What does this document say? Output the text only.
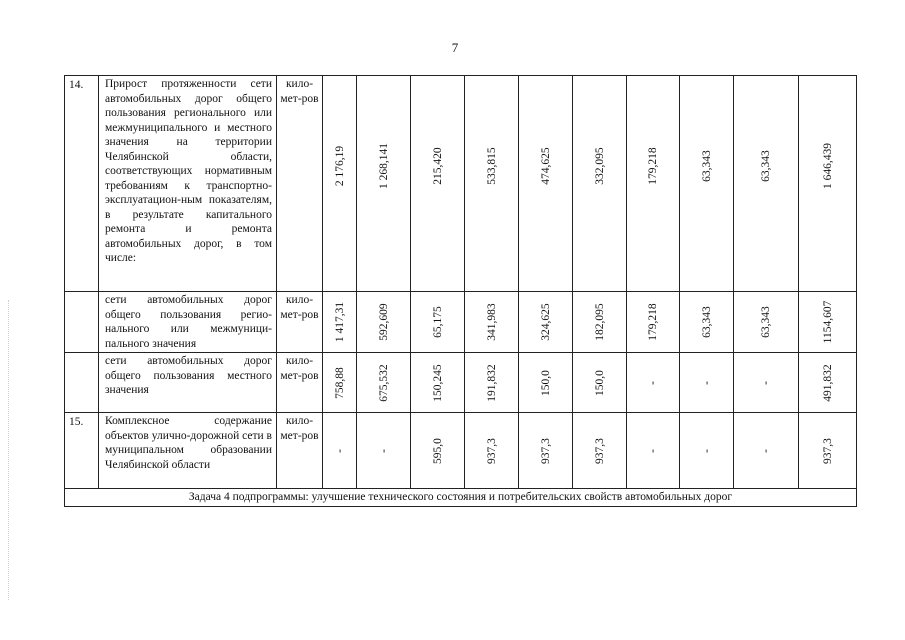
7
14.	Прирост протяженности сети автомобильных дорог общего пользования регионального или межмуниципального и местного значения на территории Челябинской области, соответствующих нормативным требованиям к транспортно-эксплуатацион-ным показателям, в результате капитального ремонта и ремонта автомобильных дорог, в том числе:	кило-мет-ров	2 176,19	1 268,141	215,420	533,815	474,625	332,095	179,218	63,343	63,343	1 646,439

	сети автомобильных дорог общего пользования регио-нального или межмуници-пального значения	кило-мет-ров	1 417,31	592,609	65,175	341,983	324,625	182,095	179,218	63,343	63,343	1154,607

	сети автомобильных дорог общего пользования местного значения	кило-мет-ров	758,88	675,532	150,245	191,832	150,0	150,0	-	-	-	491,832

15.	Комплексное содержание объектов улично-дорожной сети в муниципальном образовании Челябинской области	кило-мет-ров	-	-	595,0	937,3	937,3	937,3	-	-	-	937,3

Задача 4 подпрограммы: улучшение технического состояния и потребительских свойств автомобильных дорог												
